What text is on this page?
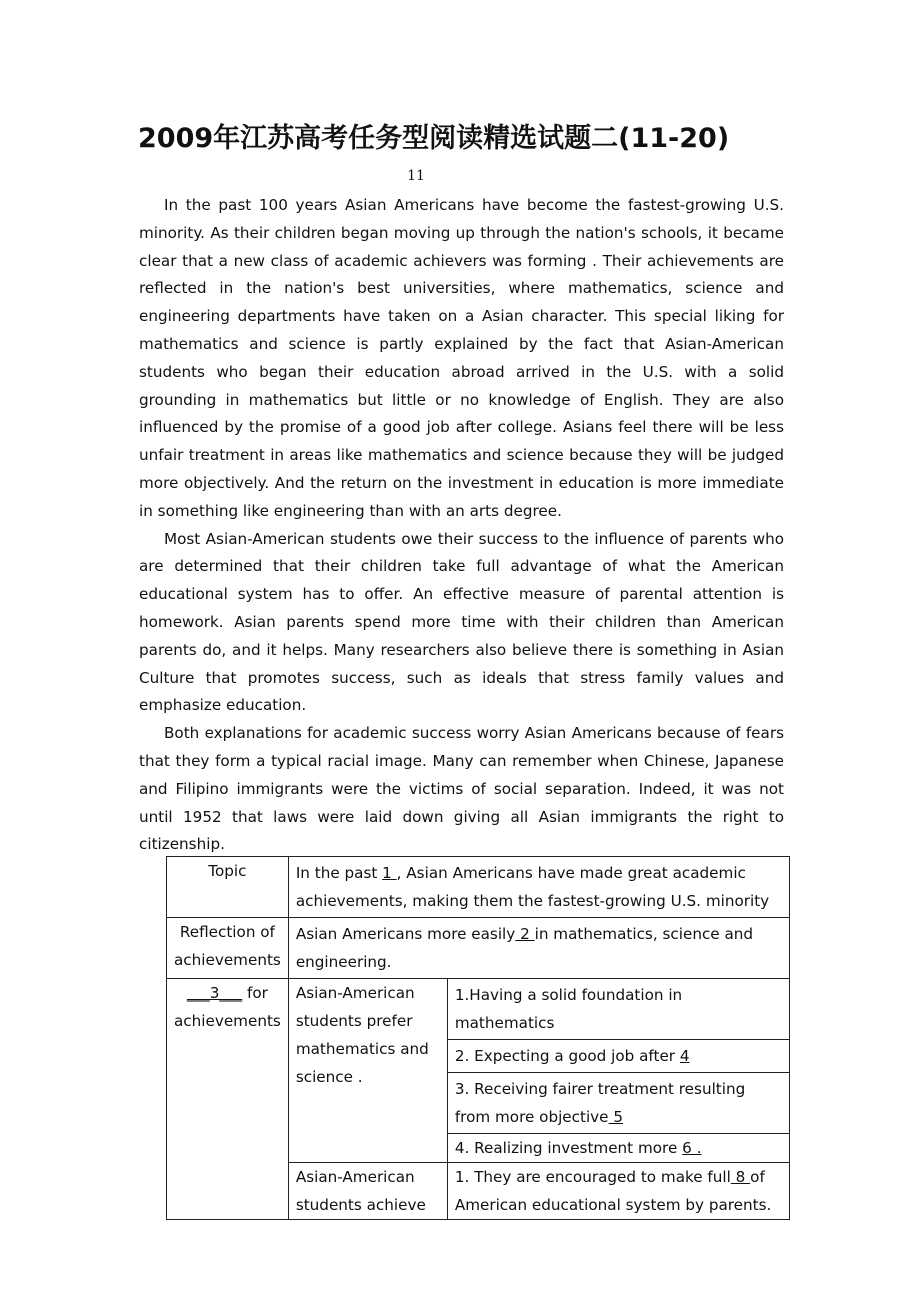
2009年江苏高考任务型阅读精选试题二(11-20)
11

In the past 100 years Asian Americans have become the fastest-growing U.S. minority. As their children began moving up through the nation's schools, it became clear that a new class of academic achievers was forming . Their achievements are reflected in the nation's best universities, where mathematics, science and engineering departments have taken on a Asian character. This special liking for mathematics and science is partly explained by the fact that Asian-American students who began their education abroad arrived in the U.S. with a solid grounding in mathematics but little or no knowledge of English. They are also influenced by the promise of a good job after college. Asians feel there will be less unfair treatment in areas like mathematics and science because they will be judged more objectively. And the return on the investment in education is more immediate in something like engineering than with an arts degree.

Most Asian-American students owe their success to the influence of parents who are determined that their children take full advantage of what the American educational system has to offer. An effective measure of parental attention is homework. Asian parents spend more time with their children than American parents do, and it helps. Many researchers also believe there is something in Asian Culture that promotes success, such as ideals that stress family values and emphasize education.

Both explanations for academic success worry Asian Americans because of fears that they form a typical racial image. Many can remember when Chinese, Japanese and Filipino immigrants were the victims of social separation. Indeed, it was not until 1952 that laws were laid down giving all Asian immigrants the right to citizenship.

Topic	In the past 1 , Asian Americans have made great academic achievements, making them the fastest-growing U.S. minority	
Reflection of achievements	Asian Americans more easily 2 in mathematics, science and engineering.	
___3___ for achievements	Asian-American students prefer mathematics and science .	1.Having a solid foundation in mathematics
		2. Expecting a good job after 4
		3. Receiving fairer treatment resulting from more objective 5
		4. Realizing investment more 6 .
	Asian-American students achieve	1. They are encouraged to make full 8 of American educational system by parents.
